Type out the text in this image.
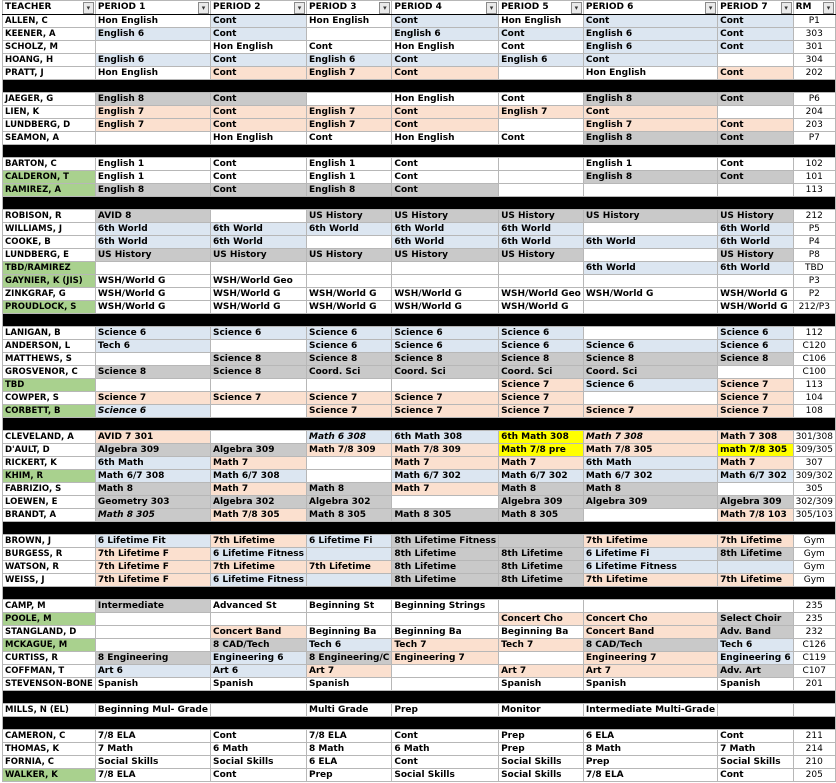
TEACHER ▾	PERIOD 1 ▾	PERIOD 2 ▾	PERIOD 3 ▾	PERIOD 4 ▾	PERIOD 5 ▾	PERIOD 6 ▾	PERIOD 7 ▾	RM ▾

ALLEN, C	Hon English	Cont	Hon English	Cont	Hon English	Cont	Cont	P1
KEENER, A	English 6	Cont		English 6	Cont	English 6	Cont	303
SCHOLZ, M		Hon English	Cont	Hon English	Cont	English 6	Cont	301
HOANG, H	English 6	Cont	English 6	Cont	English 6	Cont		304
PRATT, J	Hon English	Cont	English 7	Cont		Hon English	Cont	202

JAEGER, G	English 8	Cont		Hon English	Cont	English 8	Cont	P6
LIEN, K	English 7	Cont	English 7	Cont	English 7	Cont		204
LUNDBERG, D	English 7	Cont	English 7	Cont		English 7	Cont	203
SEAMON, A		Hon English	Cont	Hon English	Cont	English 8	Cont	P7

BARTON, C	English 1	Cont	English 1	Cont		English 1	Cont	102
CALDERON, T	English 1	Cont	English 1	Cont		English 8	Cont	101
RAMIREZ, A	English 8	Cont	English 8	Cont				113

ROBISON, R	AVID 8		US History	US History	US History	US History	US History	212
WILLIAMS, J	6th World	6th World	6th World	6th World	6th World		6th World	P5
COOKE, B	6th World	6th World		6th World	6th World	6th World	6th World	P4
LUNDBERG, E	US History	US History	US History	US History	US History		US History	P8
TBD/RAMIREZ						6th World	6th World	TBD
GAYNIER, K (JIS)	WSH/World G	WSH/World Geo						P3
ZINKGRAF, G	WSH/World G	WSH/World G	WSH/World G	WSH/World G	WSH/World Geo	WSH/World G	WSH/World G	P2
PROUDLOCK, S	WSH/World G	WSH/World G	WSH/World G	WSH/World G	WSH/World G		WSH/World G	212/P3

LANIGAN, B	Science 6	Science 6	Science 6	Science 6	Science 6		Science 6	112
ANDERSON, L	Tech 6		Science 6	Science 6	Science 6	Science 6	Science 6	C120
MATTHEWS, S		Science 8	Science 8	Science 8	Science 8	Science 8	Science 8	C106
GROSVENOR, C	Science 8	Science 8	Coord. Sci	Coord. Sci	Coord. Sci	Coord. Sci		C100
TBD					Science 7	Science 6	Science 7	113
COWPER, S	Science 7	Science 7	Science 7	Science 7	Science 7		Science 7	104
CORBETT, B	Science 6		Science 7	Science 7	Science 7	Science 7	Science 7	108

CLEVELAND, A	AVID 7 301		Math 6 308	6th Math 308	6th Math 308	Math 7 308	Math 7 308	301/308
D'AULT, D	Algebra 309	Algebra 309	Math 7/8 309	Math 7/8 309	Math 7/8 pre	Math 7/8 305	math 7/8 305	309/305
RICKERT, K	6th Math	Math 7		Math 7	Math 7	6th Math	Math 7	307
KHIM, R	Math 6/7 308	Math 6/7 308		Math 6/7 302	Math 6/7 302	Math 6/7 302	Math 6/7 302	309/302
FABRIZIO, S	Math 8	Math 7	Math 8	Math 7	Math 8	Math 8		305
LOEWEN, E	Geometry 303	Algebra 302	Algebra 302		Algebra 309	Algebra 309	Algebra 309	302/309
BRANDT, A	Math 8 305	Math 7/8 305	Math 8 305	Math 8 305	Math 8 305		Math 7/8 103	305/103

BROWN, J	6 Lifetime Fit	7th Lifetime	6 Lifetime Fi	8th Lifetime Fitness		7th Lifetime	7th Lifetime	Gym
BURGESS, R	7th Lifetime F	6 Lifetime Fitness		8th Lifetime	8th Lifetime	6 Lifetime Fi	8th Lifetime	Gym
WATSON, R	7th Lifetime F	7th Lifetime	7th Lifetime	8th Lifetime	8th Lifetime	6 Lifetime Fitness		Gym
WEISS, J	7th Lifetime F	6 Lifetime Fitness		8th Lifetime	8th Lifetime	7th Lifetime	7th Lifetime	Gym

CAMP, M	Intermediate	Advanced St	Beginning St	Beginning Strings				235
POOLE, M					Concert Cho	Concert Cho	Select Choir	235
STANGLAND, D		Concert Band	Beginning Ba	Beginning Ba	Beginning Ba	Concert Band	Adv. Band	232
MCKAGUE, M		8 CAD/Tech	Tech 6	Tech 7	Tech 7	8 CAD/Tech	Tech 6	C126
CURTISS, R	8 Engineering	Engineering 6	8 Engineering/C	Engineering 7		Engineering 7	Engineering 6	C119
COFFMAN, T	Art 6	Art 6	Art 7		Art 7	Art 7	Adv. Art	C107
STEVENSON-BONE	Spanish	Spanish	Spanish		Spanish	Spanish	Spanish	201

MILLS, N (EL)	Beginning Mul- Grade		Multi Grade	Prep	Monitor	Intermediate Multi-Grade		

CAMERON, C	7/8 ELA	Cont	7/8 ELA	Cont	Prep	6 ELA	Cont	211
THOMAS, K	7 Math	6 Math	8 Math	6 Math	Prep	8 Math	7 Math	214
FORNIA, C	Social Skills	Social Skills	6 ELA	Cont	Social Skills	Prep	Social Skills	210
WALKER, K	7/8 ELA	Cont	Prep	Social Skills	Social Skills	7/8 ELA	Cont	205
